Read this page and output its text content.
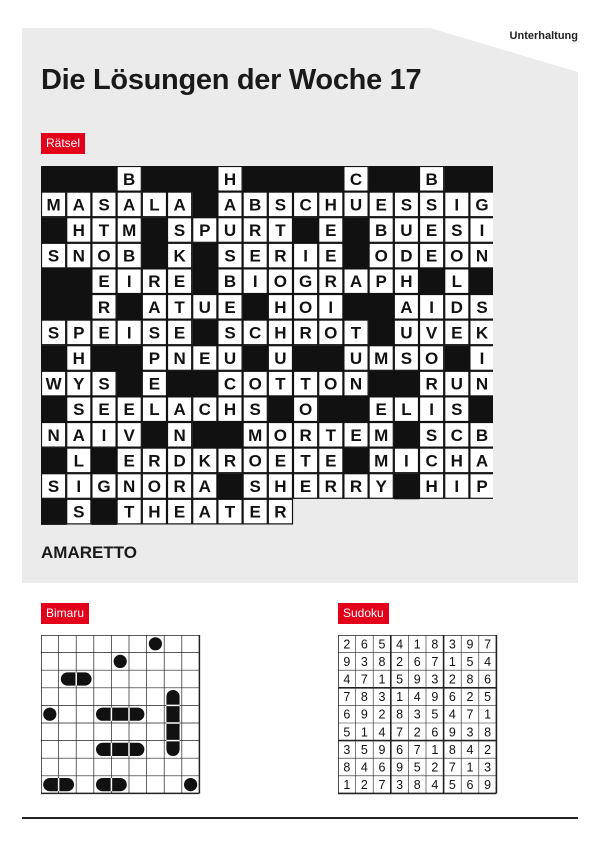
Unterhaltung
Die Lösungen der Woche 17
Rätsel
B	H	C	B
M A S A L A A B S C H U E S S I G
H T M S P U R T E B U E S I
S N O B K S E R I E O D E O N
E I R E B I O G R A P H L
R A T U E H O I	A I D S
S P E I S E S C H R O T U V E K
H	P N E U U	U M S O I
W Y S E	C O T T O N	R U N
S E E L A C H S O	E L I S
N A I V N	M O R T E M S C B
L E R D K R O E T E M I C H A
S I G N O R A S H E R R Y H I P
S T H E A T E R
AMARETTO
Bimaru	Sudoku
2 6 5 4 1 8 3 9 7
9 3 8 2 6 7 1 5 4
4 7 1 5 9 3 2 8 6
7 8 3 1 4 9 6 2 5
6 9 2 8 3 5 4 7 1
5 1 4 7 2 6 9 3 8
3 5 9 6 7 1 8 4 2
8 4 6 9 5 2 7 1 3
1 2 7 3 8 4 5 6 9
